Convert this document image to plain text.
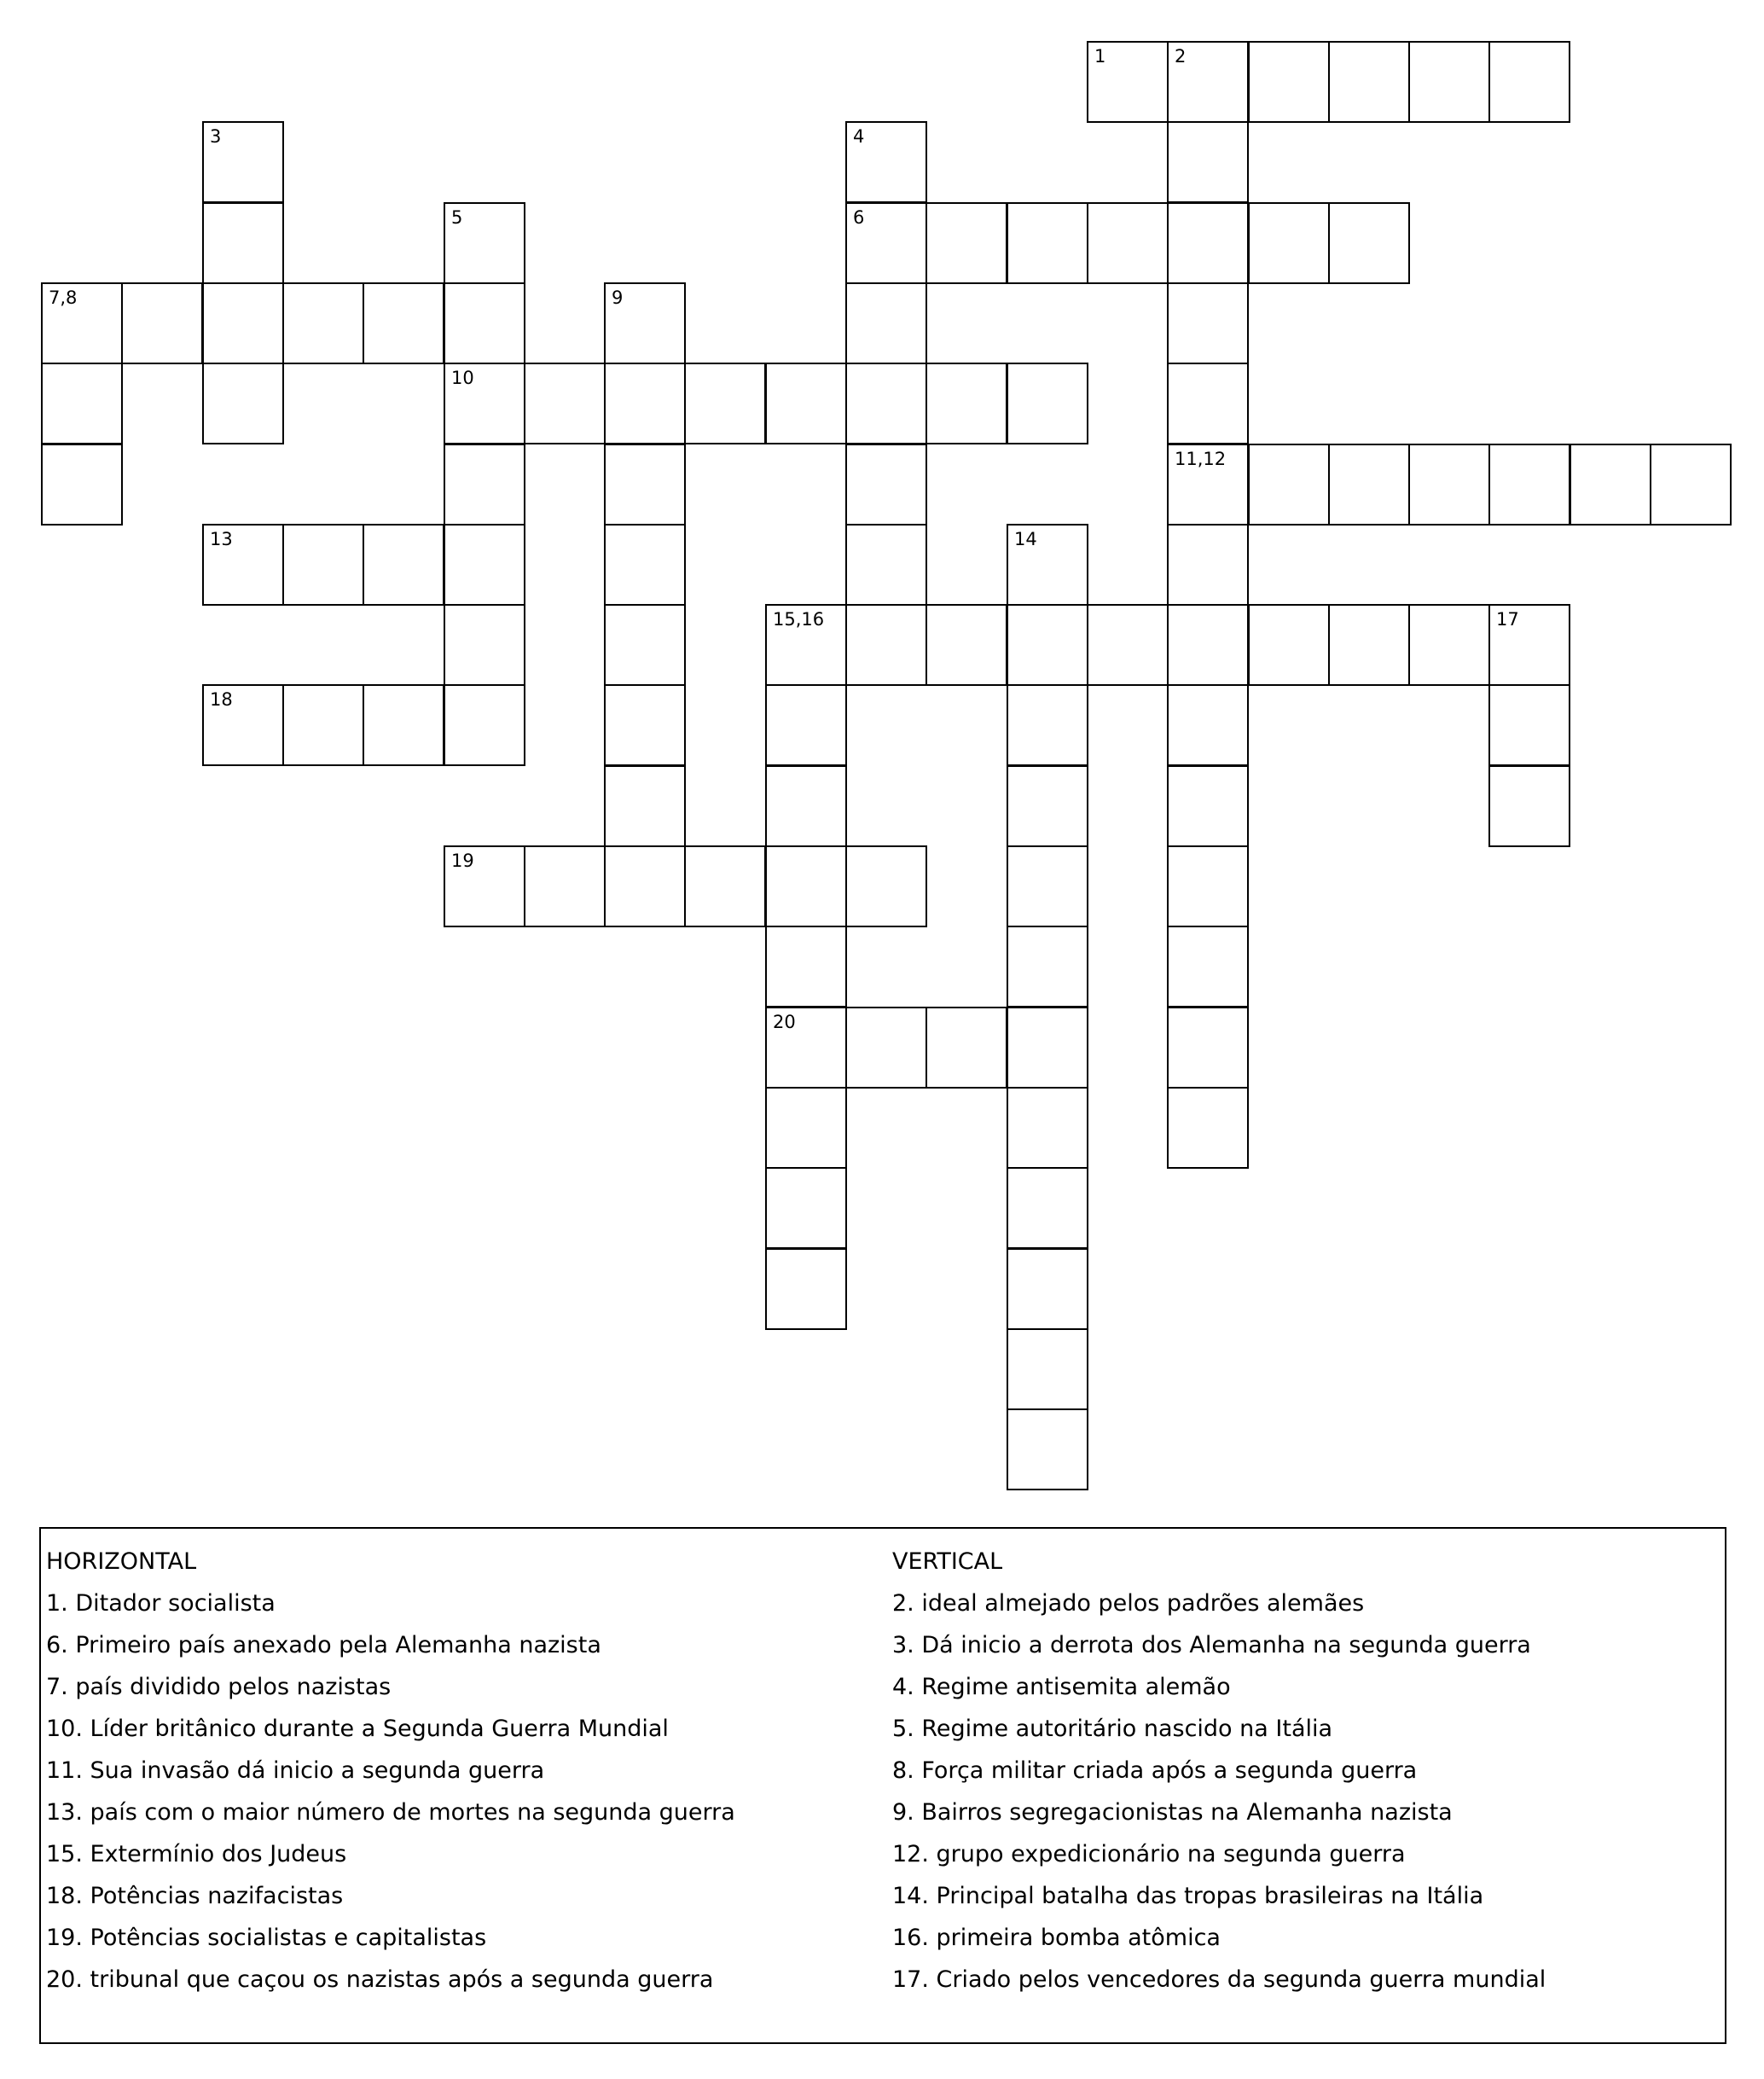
1	2
3	4
6
5
10
7,8	9
11,12
13	14
15,16	17
20
18
19
HORIZONTAL
1. Ditador socialista
6. Primeiro país anexado pela Alemanha nazista
7. país dividido pelos nazistas
10. Líder britânico durante a Segunda Guerra Mundial
11. Sua invasão dá inicio a segunda guerra
13. país com o maior número de mortes na segunda guerra
15. Extermínio dos Judeus
18. Potências nazifacistas
19. Potências socialistas e capitalistas
20. tribunal que caçou os nazistas após a segunda guerra
VERTICAL
2. ideal almejado pelos padrões alemães
3. Dá inicio a derrota dos Alemanha na segunda guerra
4. Regime antisemita alemão
5. Regime autoritário nascido na Itália
8. Força militar criada após a segunda guerra
9. Bairros segregacionistas na Alemanha nazista
12. grupo expedicionário na segunda guerra
14. Principal batalha das tropas brasileiras na Itália
16. primeira bomba atômica
17. Criado pelos vencedores da segunda guerra mundial
